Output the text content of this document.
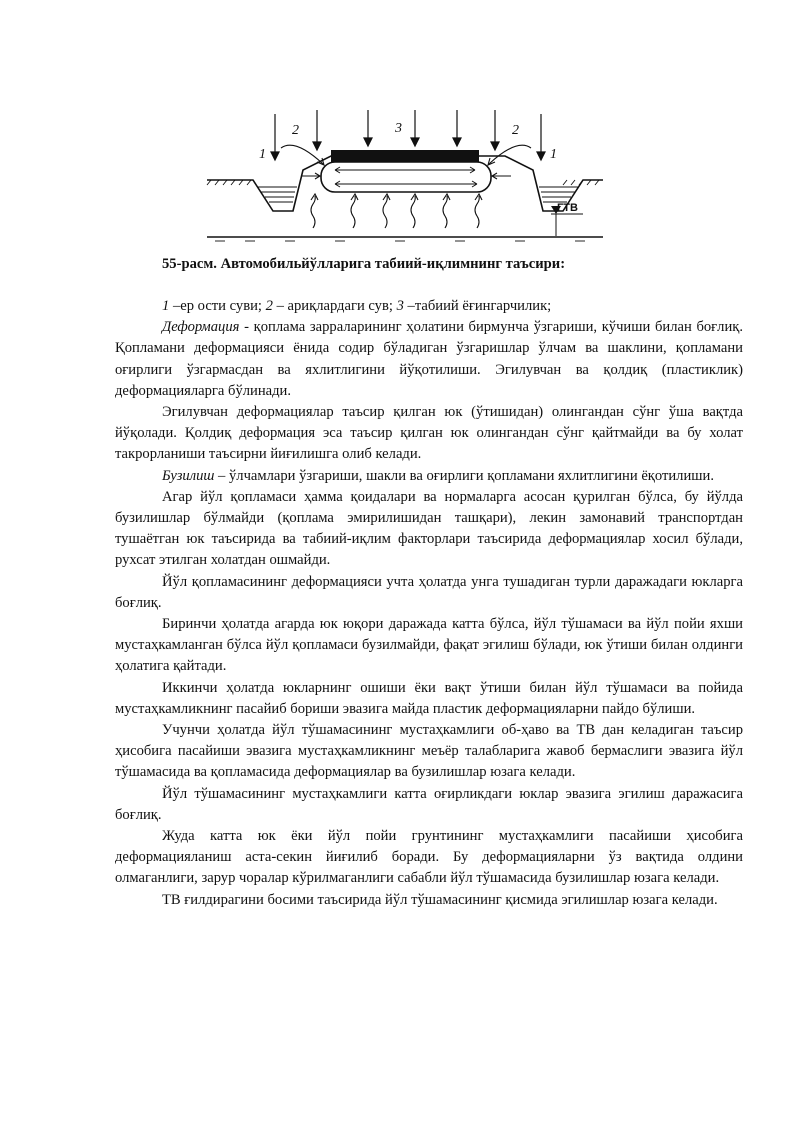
ГТВ
1
2	3	2
1
55-расм. Автомобильйўлларига табиий-иқлимнинг таъсири:

1 –ер ости суви; 2 – ариқлардаги сув; 3 –табиий ёғингарчилик;

Деформация - қоплама зарраларининг ҳолатини бирмунча ўзгариши, кўчиши билан боғлиқ. Қопламани деформацияси ёнида содир бўладиган ўзгаришлар ўлчам ва шаклини, қопламани оғирлиги ўзгармасдан ва яхлитлигини йўқотилиши. Эгилувчан ва қолдиқ (пластиклик) деформацияларга бўлинади.

Эгилувчан деформациялар таъсир қилган юк (ўтишидан) олингандан сўнг ўша вақтда йўқолади. Қолдиқ деформация эса таъсир қилган юк олингандан сўнг қайтмайди ва бу холат такрорланиши таъсирни йиғилишга олиб келади.

Бузилиш – ўлчамлари ўзгариши, шакли ва оғирлиги қопламани яхлитлигини ёқотилиши.

Агар йўл қопламаси ҳамма қоидалари ва нормаларга асосан қурилган бўлса, бу йўлда бузилишлар бўлмайди (қоплама эмирилишидан ташқари), лекин замонавий транспортдан тушаётган юк таъсирида ва табиий-иқлим факторлари таъсирида деформациялар хосил бўлади, рухсат этилган холатдан ошмайди.

Йўл қопламасининг деформацияси учта ҳолатда унга тушадиган турли даражадаги юкларга боғлиқ.

Биринчи ҳолатда агарда юк юқори даражада катта бўлса, йўл тўшамаси ва йўл пойи яхши мустаҳкамланган бўлса йўл қопламаси бузилмайди, фақат эгилиш бўлади, юк ўтиши билан олдинги ҳолатига қайтади.

Иккинчи ҳолатда юкларнинг ошиши ёки вақт ўтиши билан йўл тўшамаси ва пойида мустаҳкамликнинг пасайиб бориши эвазига майда пластик деформацияларни пайдо бўлиши.

Учунчи ҳолатда йўл тўшамасининг мустаҳкамлиги об-ҳаво ва ТВ дан келадиган таъсир ҳисобига пасайиши эвазига мустаҳкамликнинг меъёр талабларига жавоб бермаслиги эвазига йўл тўшамасида ва қопламасида деформациялар ва бузилишлар юзага келади.

Йўл тўшамасининг мустаҳкамлиги катта оғирликдаги юклар эвазига эгилиш даражасига боғлиқ.

Жуда катта юк ёки йўл пойи грунтининг мустаҳкамлиги пасайиши ҳисобига деформацияланиш аста-секин йиғилиб боради. Бу деформацияларни ўз вақтида олдини олмаганлиги, зарур чоралар кўрилмаганлиги сабабли йўл тўшамасида бузилишлар юзага келади.

ТВ ғилдирагини босими таъсирида йўл тўшамасининг қисмида эгилишлар юзага келади.
